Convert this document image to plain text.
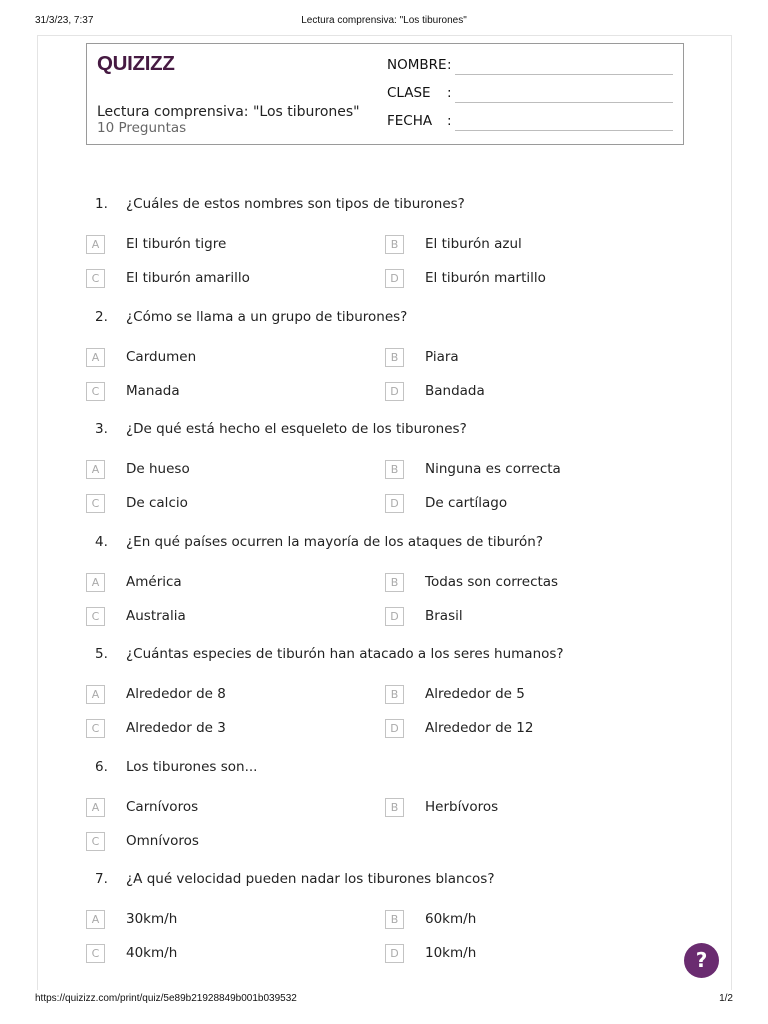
31/3/23, 7:37	Lectura comprensiva: "Los tiburones"
QUIZIZZ
Lectura comprensiva: "Los tiburones"
10 Preguntas
NOMBRE :
CLASE :
FECHA :
1. ¿Cuáles de estos nombres son tipos de tiburones?
A	El tiburón tigre	B	El tiburón azul
C	El tiburón amarillo	D	El tiburón martillo
2. ¿Cómo se llama a un grupo de tiburones?
A	Cardumen	B	Piara
C	Manada	D	Bandada
3. ¿De qué está hecho el esqueleto de los tiburones?
A	De hueso	B	Ninguna es correcta
C	De calcio	D	De cartílago
4. ¿En qué países ocurren la mayoría de los ataques de tiburón?
A	América	B	Todas son correctas
C	Australia	D	Brasil
5. ¿Cuántas especies de tiburón han atacado a los seres humanos?
A	Alrededor de 8	B	Alrededor de 5
C	Alrededor de 3	D	Alrededor de 12
6. Los tiburones son...
A	Carnívoros	B	Herbívoros
C	Omnívoros
7. ¿A qué velocidad pueden nadar los tiburones blancos?
A	30km/h	B	60km/h
C	40km/h	D	10km/h	?
https://quizizz.com/print/quiz/5e89b21928849b001b039532	1/2
